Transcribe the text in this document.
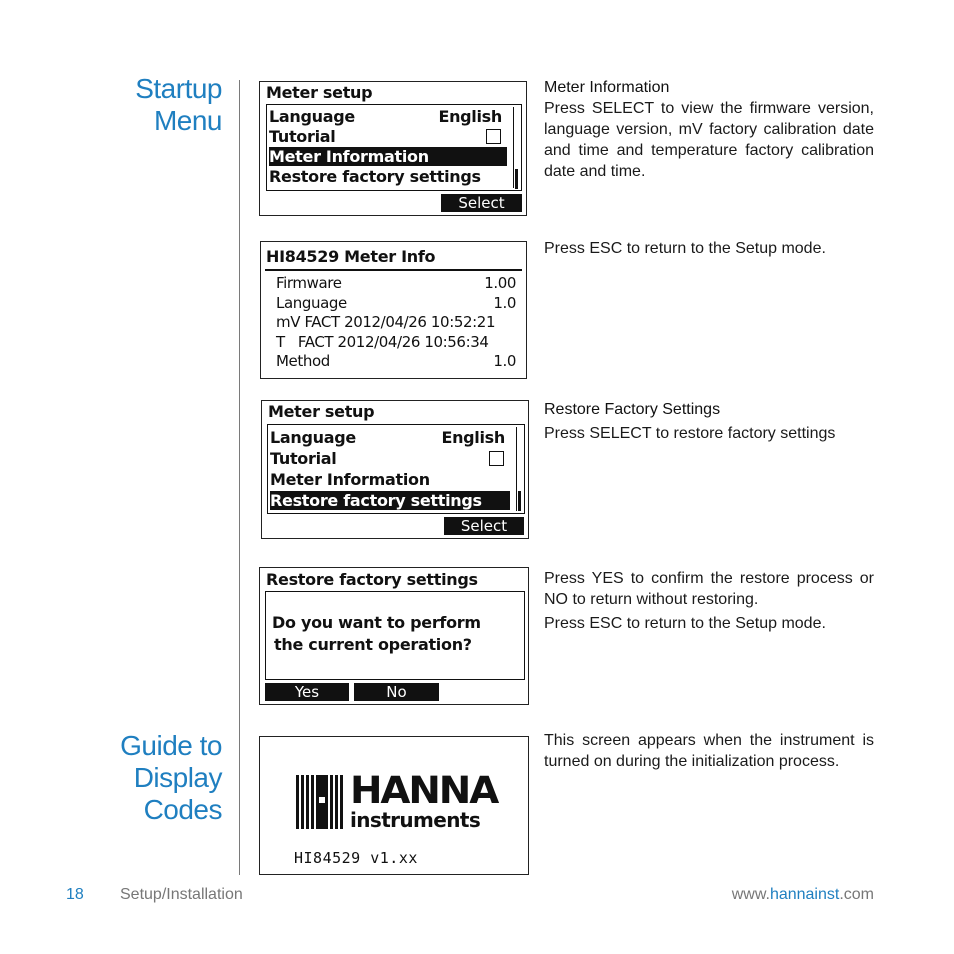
Startup
Menu
Guide to
Display
Codes
Meter setup
Language	English
Tutorial
Meter Information
Restore factory settings
Select
HI84529 Meter Info
Firmware	1.00
Language	1.0
mV FACT 2012/04/26 10:52:21
T   FACT 2012/04/26 10:56:34
Method	1.0
Meter setup
Language	English
Tutorial
Meter Information
Restore factory settings
Select
Restore factory settings
Do you want to perform
the current operation?
Yes	No
HANNA
instruments
HI84529 v1.xx
Meter Information

Press SELECT to view the firmware version, language version, mV factory calibration date and time and temperature factory calibration date and time.

Press ESC to return to the Setup mode.

Restore Factory Settings

Press SELECT to restore factory settings

Press YES to confirm the restore process or NO to return without restoring.

Press ESC to return to the Setup mode.

This screen appears when the instrument is turned on during the initialization process.

18 Setup/Installation	www.hannainst.com
